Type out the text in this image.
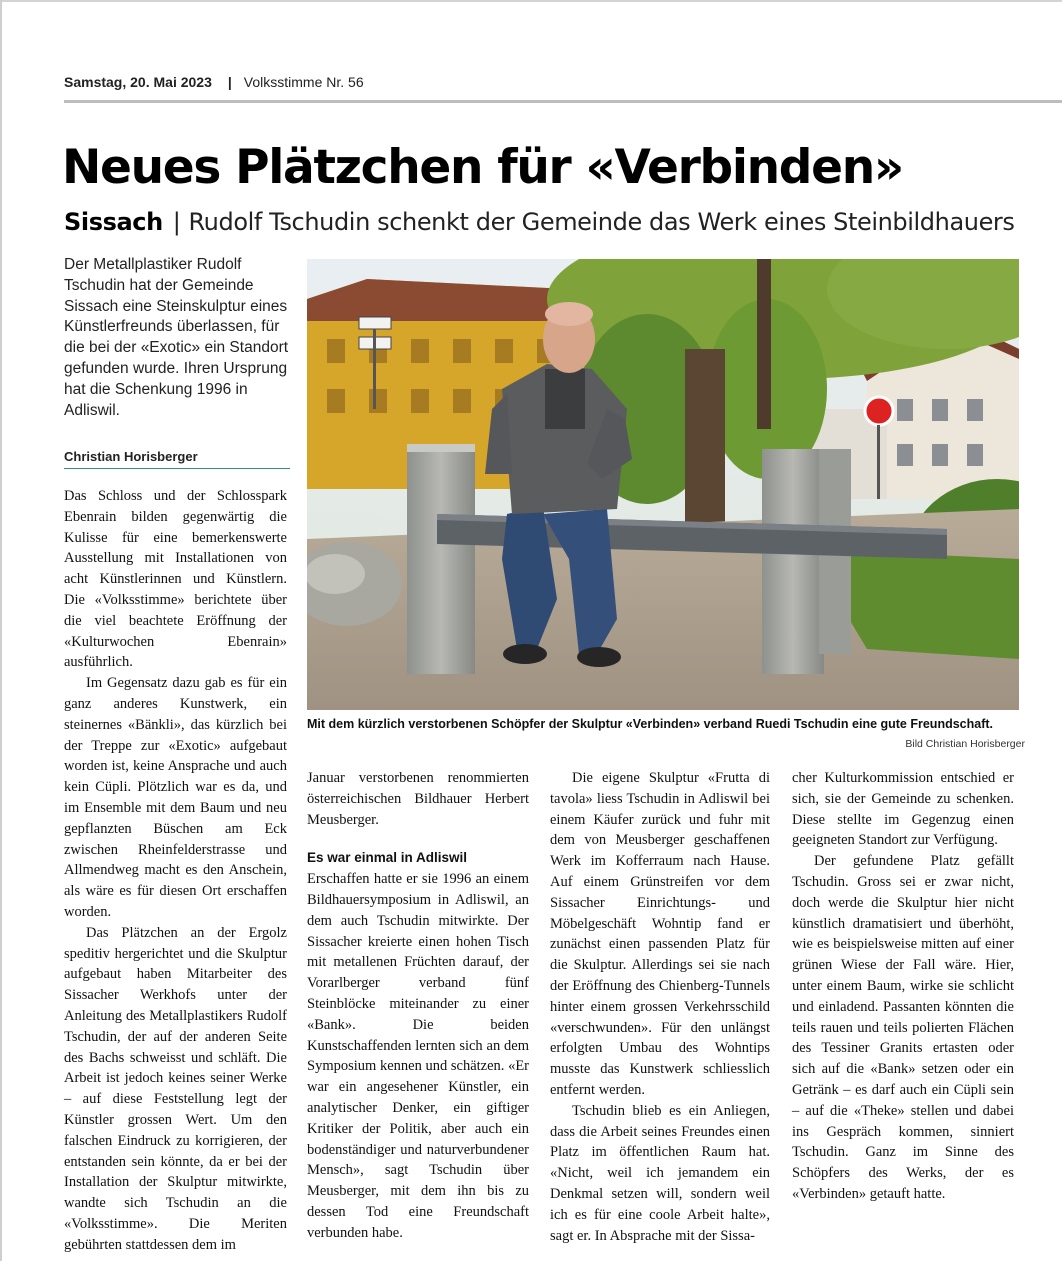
Samstag, 20. Mai 2023 | Volksstimme Nr. 56
Neues Plätzchen für «Verbinden»
Sissach | Rudolf Tschudin schenkt der Gemeinde das Werk eines Steinbildhauers
Der Metallplastiker Rudolf Tschudin hat der Gemeinde Sissach eine Steinskulptur eines Künstlerfreunds überlassen, für die bei der «Exotic» ein Standort gefunden wurde. Ihren Ursprung hat die Schenkung 1996 in Adliswil.
Christian Horisberger

Das Schloss und der Schlosspark Ebenrain bilden gegenwärtig die Kulisse für eine bemerkenswerte Ausstellung mit Installationen von acht Künstlerinnen und Künstlern. Die «Volksstimme» berichtete über die viel beachtete Eröffnung der «Kulturwochen Ebenrain» ausführlich.

Im Gegensatz dazu gab es für ein ganz anderes Kunstwerk, ein steinernes «Bänkli», das kürzlich bei der Treppe zur «Exotic» aufgebaut worden ist, keine Ansprache und auch kein Cüpli. Plötzlich war es da, und im Ensemble mit dem Baum und neu gepflanzten Büschen am Eck zwischen Rheinfelderstrasse und Allmendweg macht es den Anschein, als wäre es für diesen Ort erschaffen worden.

Das Plätzchen an der Ergolz speditiv hergerichtet und die Skulptur aufgebaut haben Mitarbeiter des Sissacher Werkhofs unter der Anleitung des Metallplastikers Rudolf Tschudin, der auf der anderen Seite des Bachs schweisst und schläft. Die Arbeit ist jedoch keines seiner Werke – auf diese Feststellung legt der Künstler grossen Wert. Um den falschen Eindruck zu korrigieren, der entstanden sein könnte, da er bei der Installation der Skulptur mitwirkte, wandte sich Tschudin an die «Volksstimme». Die Meriten gebührten stattdessen dem im

Mit dem kürzlich verstorbenen Schöpfer der Skulptur «Verbinden» verband Ruedi Tschudin eine gute Freundschaft.
Bild Christian Horisberger

Januar verstorbenen renommierten österreichischen Bildhauer Herbert Meusberger.

Es war einmal in Adliswil

Erschaffen hatte er sie 1996 an einem Bildhauersymposium in Adliswil, an dem auch Tschudin mitwirkte. Der Sissacher kreierte einen hohen Tisch mit metallenen Früchten darauf, der Vorarlberger verband fünf Steinblöcke miteinander zu einer «Bank». Die beiden Kunstschaffenden lernten sich an dem Symposium kennen und schätzen. «Er war ein angesehener Künstler, ein analytischer Denker, ein giftiger Kritiker der Politik, aber auch ein bodenständiger und naturverbundener Mensch», sagt Tschudin über Meusberger, mit dem ihn bis zu dessen Tod eine Freundschaft verbunden habe.

Die eigene Skulptur «Frutta di tavola» liess Tschudin in Adliswil bei einem Käufer zurück und fuhr mit dem von Meusberger geschaffenen Werk im Kofferraum nach Hause. Auf einem Grünstreifen vor dem Sissacher Einrichtungs- und Möbelgeschäft Wohntip fand er zunächst einen passenden Platz für die Skulptur. Allerdings sei sie nach der Eröffnung des Chienberg-Tunnels hinter einem grossen Verkehrsschild «verschwunden». Für den unlängst erfolgten Umbau des Wohntips musste das Kunstwerk schliesslich entfernt werden.

Tschudin blieb es ein Anliegen, dass die Arbeit seines Freundes einen Platz im öffentlichen Raum hat. «Nicht, weil ich jemandem ein Denkmal setzen will, sondern weil ich es für eine coole Arbeit halte», sagt er. In Absprache mit der Sissa-

cher Kulturkommission entschied er sich, sie der Gemeinde zu schenken. Diese stellte im Gegenzug einen geeigneten Standort zur Verfügung.

Der gefundene Platz gefällt Tschudin. Gross sei er zwar nicht, doch werde die Skulptur hier nicht künstlich dramatisiert und überhöht, wie es beispielsweise mitten auf einer grünen Wiese der Fall wäre. Hier, unter einem Baum, wirke sie schlicht und einladend. Passanten könnten die teils rauen und teils polierten Flächen des Tessiner Granits ertasten oder sich auf die «Bank» setzen oder ein Getränk – es darf auch ein Cüpli sein – auf die «Theke» stellen und dabei ins Gespräch kommen, sinniert Tschudin. Ganz im Sinne des Schöpfers des Werks, der es «Verbinden» getauft hatte.
